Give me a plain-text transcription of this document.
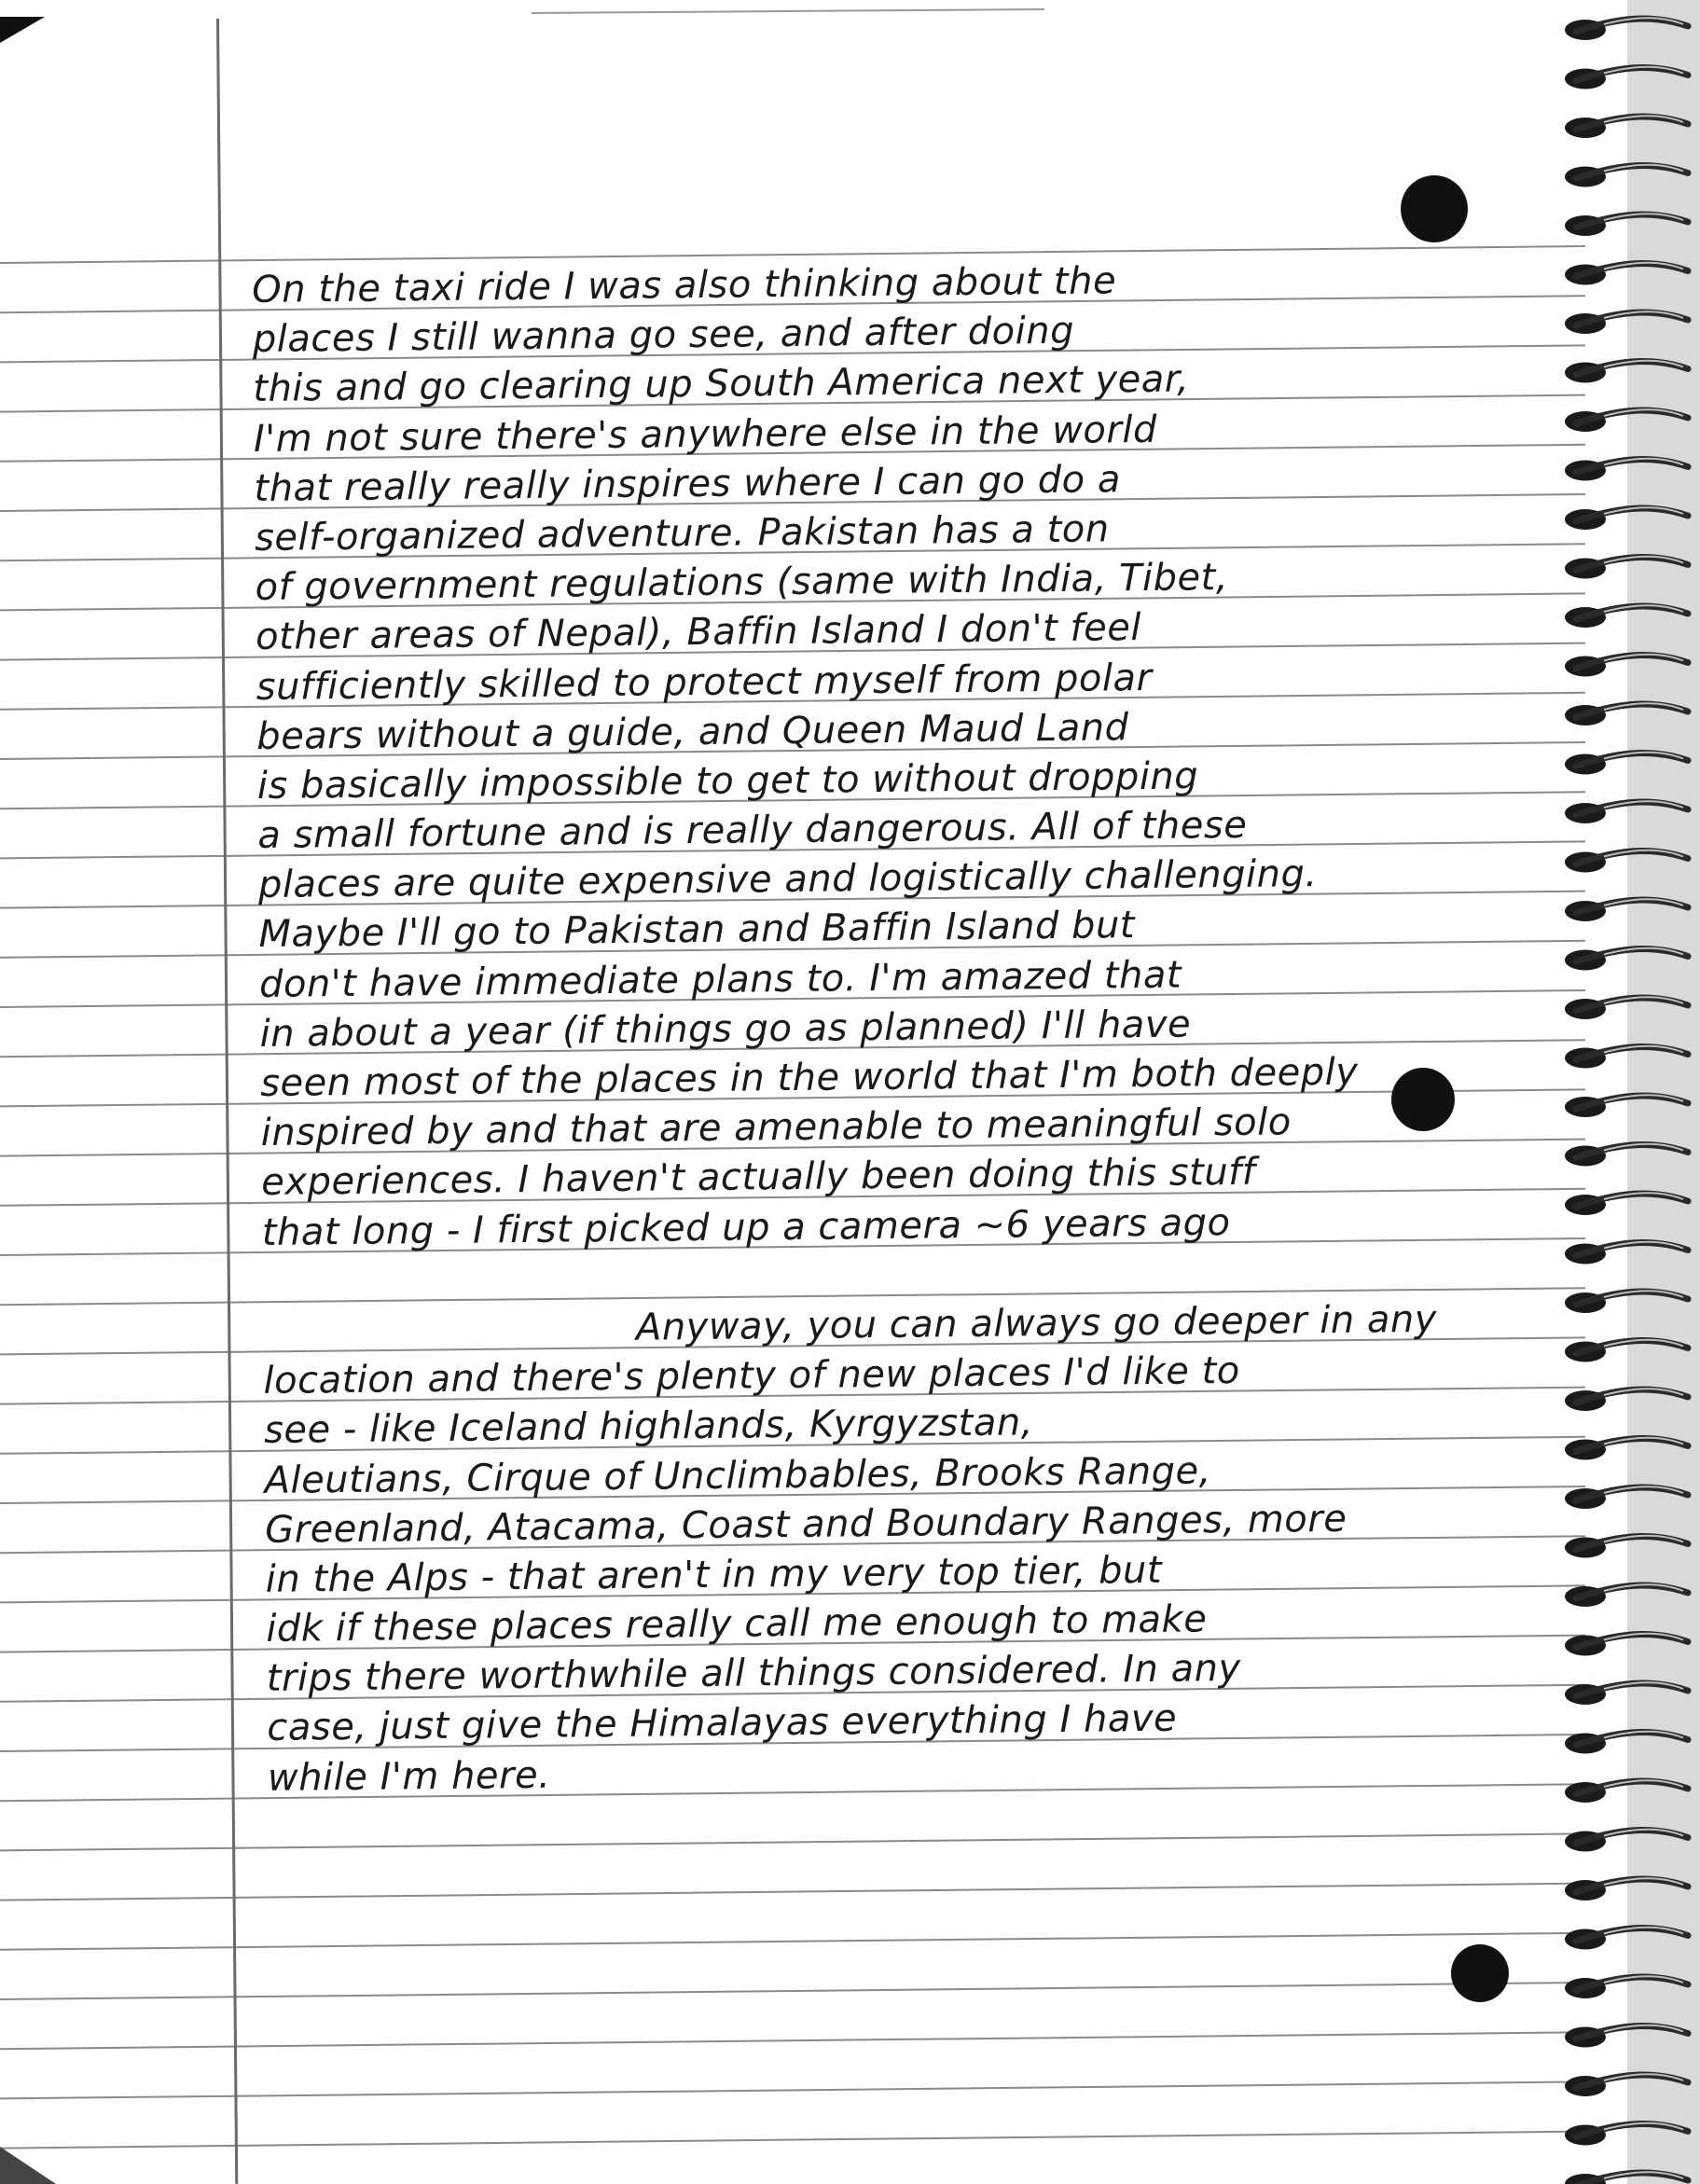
On the taxi ride I was also thinking about the
places I still wanna go see, and after doing
this and go clearing up South America next year,
I'm not sure there's anywhere else in the world
that really really inspires where I can go do a
self-organized adventure. Pakistan has a ton
of government regulations (same with India, Tibet,
other areas of Nepal), Baffin Island I don't feel
sufficiently skilled to protect myself from polar
bears without a guide, and Queen Maud Land
is basically impossible to get to without dropping
a small fortune and is really dangerous. All of these
places are quite expensive and logistically challenging.
Maybe I'll go to Pakistan and Baffin Island but
don't have immediate plans to. I'm amazed that
in about a year (if things go as planned) I'll have
seen most of the places in the world that I'm both deeply
inspired by and that are amenable to meaningful solo
experiences. I haven't actually been doing this stuff
that long - I first picked up a camera ~6 years ago
Anyway, you can always go deeper in any
location and there's plenty of new places I'd like to
see - like Iceland highlands, Kyrgyzstan,
Aleutians, Cirque of Unclimbables, Brooks Range,
Greenland, Atacama, Coast and Boundary Ranges, more
in the Alps - that aren't in my very top tier, but
idk if these places really call me enough to make
trips there worthwhile all things considered. In any
case, just give the Himalayas everything I have
while I'm here.
